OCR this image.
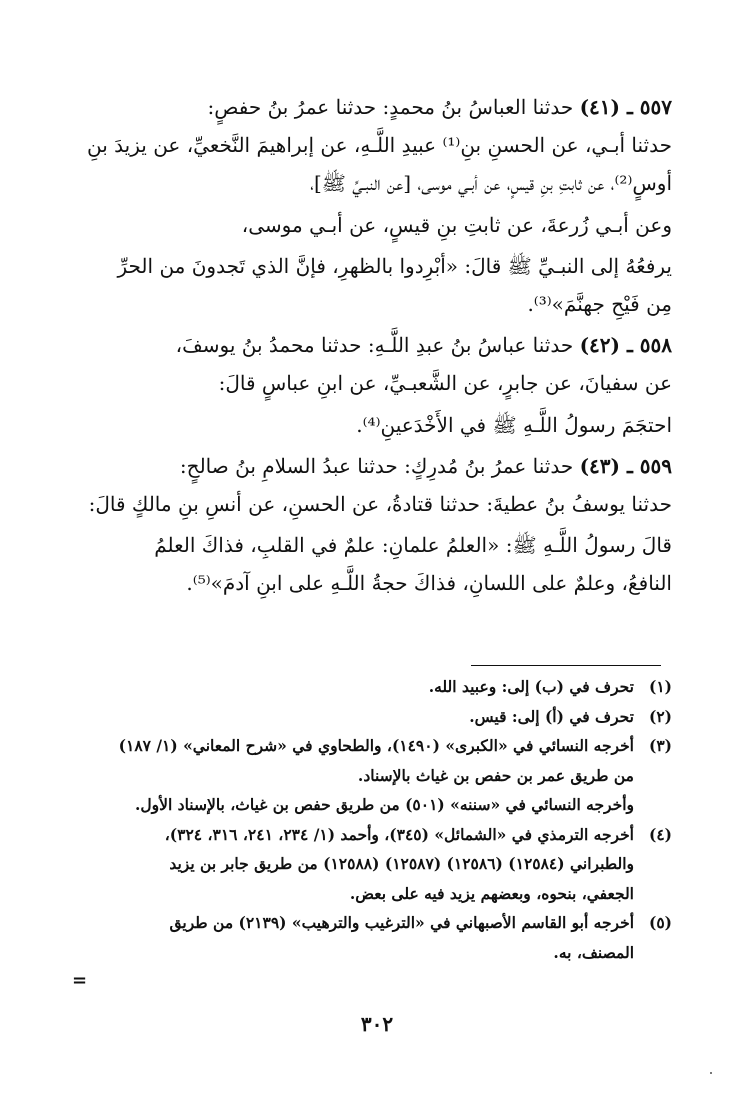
٥٥٧ ـ (٤١) حدثنا العباسُ بنُ محمدٍ: حدثنا عمرُ بنُ حفصٍ:

حدثنا أبـي، عن الحسنِ بنِ⁽¹⁾ عبيدِ اللَّـهِ، عن إبراهيمَ النَّخعيِّ، عن يزيدَ بنِ

أوسٍ⁽²⁾، عن ثابتِ بنِ قيسٍ، عن أبـي موسى، [عن النبـيِّ ﷺ]،

وعن أبـي زُرعةَ، عن ثابتِ بنِ قيسٍ، عن أبـي موسى،

يرفعُهُ إلى النبـيِّ ﷺ قالَ: «أبْرِدوا بالظهرِ، فإنَّ الذي تَجدونَ من الحرِّ

مِن فَيْحِ جهنَّمَ»⁽³⁾.

٥٥٨ ـ (٤٢) حدثنا عباسُ بنُ عبدِ اللَّـهِ: حدثنا محمدُ بنُ يوسفَ،

عن سفيانَ، عن جابرٍ، عن الشَّعبـيِّ، عن ابنِ عباسٍ قالَ:

احتجَمَ رسولُ اللَّـهِ ﷺ في الأَخْدَعينِ⁽⁴⁾.

٥٥٩ ـ (٤٣) حدثنا عمرُ بنُ مُدرِكٍ: حدثنا عبدُ السلامِ بنُ صالحٍ:

حدثنا يوسفُ بنُ عطيةَ: حدثنا قتادةُ، عن الحسنِ، عن أنسِ بنِ مالكٍ قالَ:

قالَ رسولُ اللَّـهِ ﷺ: «العلمُ علمانِ: علمٌ في القلبِ، فذاكَ العلمُ

النافعُ، وعلمٌ على اللسانِ، فذاكَ حجةُ اللَّـهِ على ابنِ آدمَ»⁽⁵⁾.

(١)
تحرف في (ب) إلى: وعبيد الله.
(٢)
تحرف في (أ) إلى: قيس.
(٣)
أخرجه النسائي في «الكبرى» (١٤٩٠)، والطحاوي في «شرح المعاني» (١/ ١٨٧)
من طريق عمر بن حفص بن غياث بالإسناد.
وأخرجه النسائي في «سننه» (٥٠١) من طريق حفص بن غياث، بالإسناد الأول.
(٤)
أخرجه الترمذي في «الشمائل» (٣٤٥)، وأحمد (١/ ٢٣٤، ٢٤١، ٣١٦، ٣٢٤)،
والطبراني (١٢٥٨٤) (١٢٥٨٦) (١٢٥٨٧) (١٢٥٨٨) من طريق جابر بن يزيد
الجعفي، بنحوه، وبعضهم يزيد فيه على بعض.
(٥)
أخرجه أبو القاسم الأصبهاني في «الترغيب والترهيب» (٢١٣٩) من طريق
المصنف، به.
=
٣٠٢
